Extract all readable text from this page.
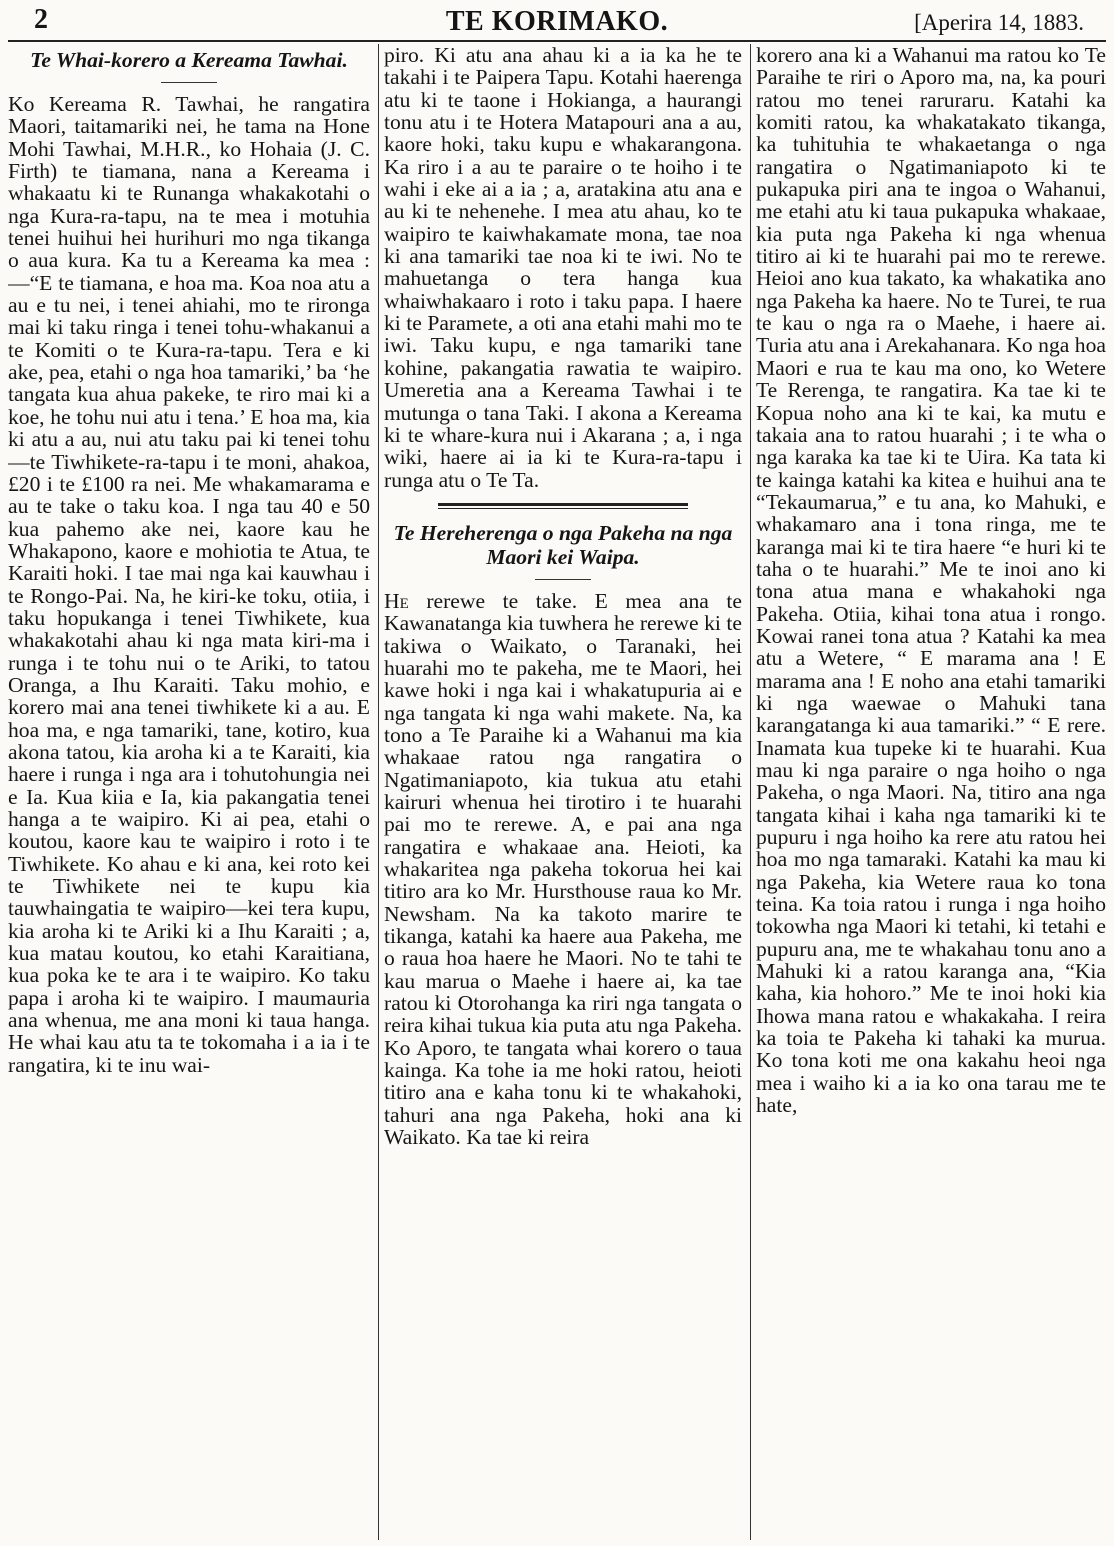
2	TE KORIMAKO.	[Aperira 14, 1883.
Te Whai-korero a Kereama Tawhai.

Ko Kereama R. Tawhai, he rangatira Maori, taitamariki nei, he tama na Hone Mohi Tawhai, M.H.R., ko Hohaia (J. C. Firth) te tiamana, nana a Kereama i whakaatu ki te Runanga whakakotahi o nga Kura-ra-tapu, na te mea i motuhia tenei huihui hei hurihuri mo nga tikanga o aua kura. Ka tu a Kereama ka mea :—“E te tiamana, e hoa ma. Koa noa atu a au e tu nei, i tenei ahiahi, mo te rironga mai ki taku ringa i tenei tohu-whakanui a te Komiti o te Kura-ra-tapu. Tera e ki ake, pea, etahi o nga hoa tamariki,’ ba ‘he tangata kua ahua pakeke, te riro mai ki a koe, he tohu nui atu i tena.’ E hoa ma, kia ki atu a au, nui atu taku pai ki tenei tohu—te Tiwhikete-ra-tapu i te moni, ahakoa, £20 i te £100 ra nei. Me whakamarama e au te take o taku koa. I nga tau 40 e 50 kua pahemo ake nei, kaore kau he Whakapono, kaore e mohiotia te Atua, te Karaiti hoki. I tae mai nga kai kauwhau i te Rongo-Pai. Na, he kiri-ke toku, otiia, i taku hopukanga i tenei Tiwhikete, kua whakakotahi ahau ki nga mata kiri-ma i runga i te tohu nui o te Ariki, to tatou Oranga, a Ihu Karaiti. Taku mohio, e korero mai ana tenei tiwhikete ki a au. E hoa ma, e nga tamariki, tane, kotiro, kua akona tatou, kia aroha ki a te Karaiti, kia haere i runga i nga ara i tohutohungia nei e Ia. Kua kiia e Ia, kia pakangatia tenei hanga a te waipiro. Ki ai pea, etahi o koutou, kaore kau te waipiro i roto i te Tiwhikete. Ko ahau e ki ana, kei roto kei te Tiwhikete nei te kupu kia tauwhaingatia te waipiro—kei tera kupu, kia aroha ki te Ariki ki a Ihu Karaiti ; a, kua matau koutou, ko etahi Karaitiana, kua poka ke te ara i te waipiro. Ko taku papa i aroha ki te waipiro. I maumauria ana whenua, me ana moni ki taua hanga. He whai kau atu ta te tokomaha i a ia i te rangatira, ki te inu wai-

piro. Ki atu ana ahau ki a ia ka he te takahi i te Paipera Tapu. Kotahi haerenga atu ki te taone i Hokianga, a haurangi tonu atu i te Hotera Matapouri ana a au, kaore hoki, taku kupu e whakarangona. Ka riro i a au te paraire o te hoiho i te wahi i eke ai a ia ; a, aratakina atu ana e au ki te nehenehe. I mea atu ahau, ko te waipiro te kaiwhakamate mona, tae noa ki ana tamariki tae noa ki te iwi. No te mahuetanga o tera hanga kua whaiwhakaaro i roto i taku papa. I haere ki te Paramete, a oti ana etahi mahi mo te iwi. Taku kupu, e nga tamariki tane kohine, pakangatia rawatia te waipiro. Umeretia ana a Kereama Tawhai i te mutunga o tana Taki. I akona a Kereama ki te whare-kura nui i Akarana ; a, i nga wiki, haere ai ia ki te Kura-ra-tapu i runga atu o Te Ta.

Te Hereherenga o nga Pakeha na nga Maori kei Waipa.

He rerewe te take. E mea ana te Kawanatanga kia tuwhera he rerewe ki te takiwa o Waikato, o Taranaki, hei huarahi mo te pakeha, me te Maori, hei kawe hoki i nga kai i whakatupuria ai e nga tangata ki nga wahi makete. Na, ka tono a Te Paraihe ki a Wahanui ma kia whakaae ratou nga rangatira o Ngatimaniapoto, kia tukua atu etahi kairuri whenua hei tirotiro i te huarahi pai mo te rerewe. A, e pai ana nga rangatira e whakaae ana. Heioti, ka whakaritea nga pakeha tokorua hei kai titiro ara ko Mr. Hursthouse raua ko Mr. Newsham. Na ka takoto marire te tikanga, katahi ka haere aua Pakeha, me o raua hoa haere he Maori. No te tahi te kau marua o Maehe i haere ai, ka tae ratou ki Otorohanga ka riri nga tangata o reira kihai tukua kia puta atu nga Pakeha. Ko Aporo, te tangata whai korero o taua kainga. Ka tohe ia me hoki ratou, heioti titiro ana e kaha tonu ki te whakahoki, tahuri ana nga Pakeha, hoki ana ki Waikato. Ka tae ki reira

korero ana ki a Wahanui ma ratou ko Te Paraihe te riri o Aporo ma, na, ka pouri ratou mo tenei raruraru. Katahi ka komiti ratou, ka whakatakato tikanga, ka tuhituhia te whakaetanga o nga rangatira o Ngatimaniapoto ki te pukapuka piri ana te ingoa o Wahanui, me etahi atu ki taua pukapuka whakaae, kia puta nga Pakeha ki nga whenua titiro ai ki te huarahi pai mo te rerewe. Heioi ano kua takato, ka whakatika ano nga Pakeha ka haere. No te Turei, te rua te kau o nga ra o Maehe, i haere ai. Turia atu ana i Arekahanara. Ko nga hoa Maori e rua te kau ma ono, ko Wetere Te Rerenga, te rangatira. Ka tae ki te Kopua noho ana ki te kai, ka mutu e takaia ana to ratou huarahi ; i te wha o nga karaka ka tae ki te Uira. Ka tata ki te kainga katahi ka kitea e huihui ana te “Tekaumarua,” e tu ana, ko Mahuki, e whakamaro ana i tona ringa, me te karanga mai ki te tira haere “e huri ki te taha o te huarahi.” Me te inoi ano ki tona atua mana e whakahoki nga Pakeha. Otiia, kihai tona atua i rongo. Kowai ranei tona atua ? Katahi ka mea atu a Wetere, “ E marama ana ! E marama ana ! E noho ana etahi tamariki ki nga waewae o Mahuki tana karangatanga ki aua tamariki.” “ E rere. Inamata kua tupeke ki te huarahi. Kua mau ki nga paraire o nga hoiho o nga Pakeha, o nga Maori. Na, titiro ana nga tangata kihai i kaha nga tamariki ki te pupuru i nga hoiho ka rere atu ratou hei hoa mo nga tamaraki. Katahi ka mau ki nga Pakeha, kia Wetere raua ko tona teina. Ka toia ratou i runga i nga hoiho tokowha nga Maori ki tetahi, ki tetahi e pupuru ana, me te whakahau tonu ano a Mahuki ki a ratou karanga ana, “Kia kaha, kia hohoro.” Me te inoi hoki kia Ihowa mana ratou e whakakaha. I reira ka toia te Pakeha ki tahaki ka murua. Ko tona koti me ona kakahu heoi nga mea i waiho ki a ia ko ona tarau me te hate,
